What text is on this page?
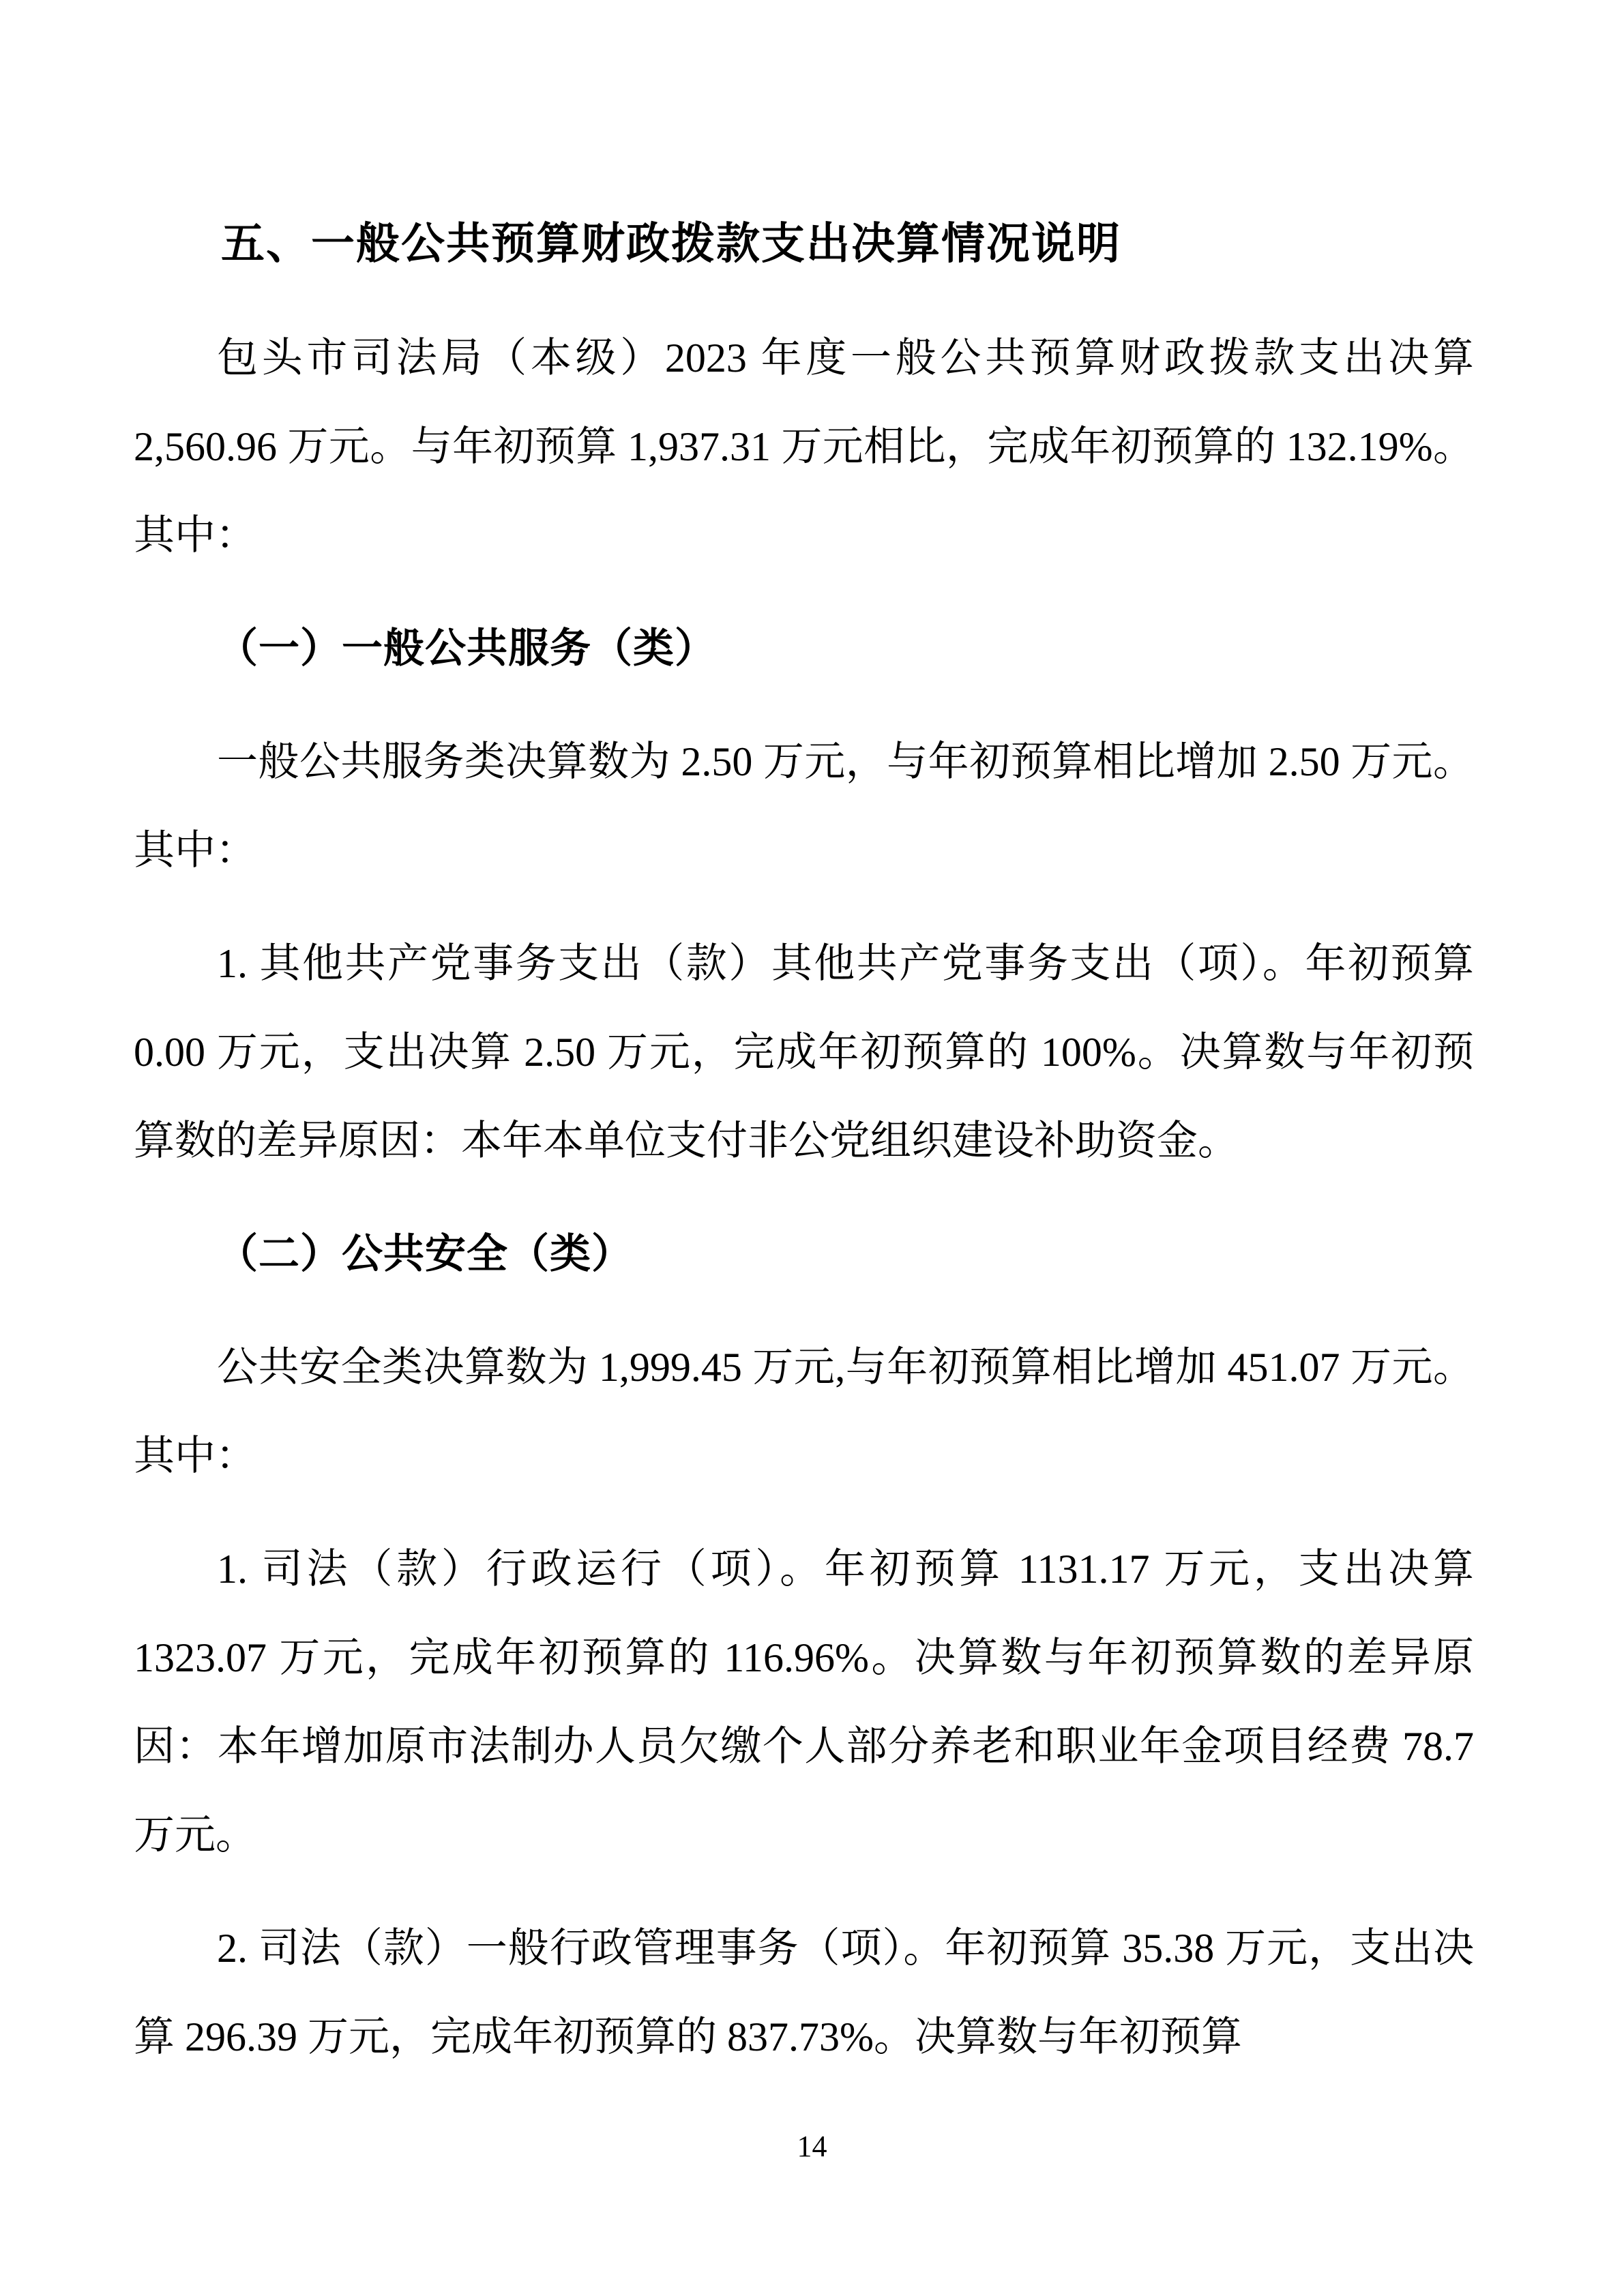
五、一般公共预算财政拨款支出决算情况说明

包头市司法局（本级）2023 年度一般公共预算财政拨款支出决算 2,560.96 万元。与年初预算 1,937.31 万元相比，完成年初预算的 132.19%。其中：

（一）一般公共服务（类）

一般公共服务类决算数为 2.50 万元，与年初预算相比增加 2.50 万元。其中：

1. 其他共产党事务支出（款）其他共产党事务支出（项）。年初预算 0.00 万元，支出决算 2.50 万元，完成年初预算的 100%。决算数与年初预算数的差异原因：本年本单位支付非公党组织建设补助资金。

（二）公共安全（类）

公共安全类决算数为 1,999.45 万元,与年初预算相比增加 451.07 万元。其中：

1. 司法（款）行政运行（项）。年初预算 1131.17 万元，支出决算 1323.07 万元，完成年初预算的 116.96%。决算数与年初预算数的差异原因：本年增加原市法制办人员欠缴个人部分养老和职业年金项目经费 78.7 万元。

2. 司法（款）一般行政管理事务（项）。年初预算 35.38 万元，支出决算 296.39 万元，完成年初预算的 837.73%。决算数与年初预算

14
